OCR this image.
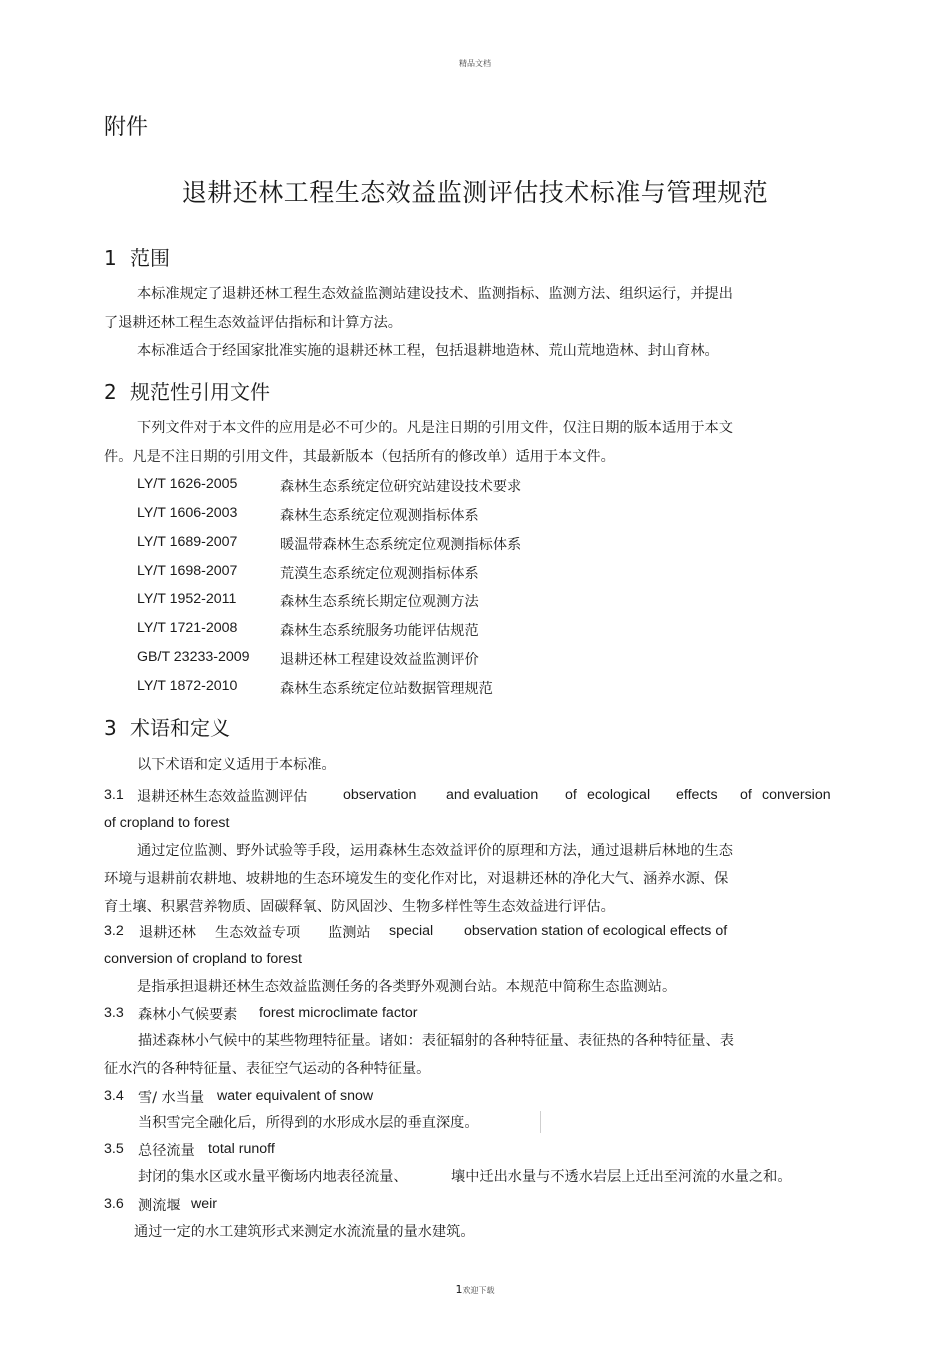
精品文档
附件
退耕还林工程生态效益监测评估技术标准与管理规范
1 范围
本标准规定了退耕还林工程生态效益监测站建设技术、监测指标、监测方法、组织运行，并提出
了退耕还林工程生态效益评估指标和计算方法。
本标准适合于经国家批准实施的退耕还林工程，包括退耕地造林、荒山荒地造林、封山育林。
2 规范性引用文件
下列文件对于本文件的应用是必不可少的。凡是注日期的引用文件，仅注日期的版本适用于本文
件。凡是不注日期的引用文件，其最新版本（包括所有的修改单）适用于本文件。
LY/T 1626-2005	森林生态系统定位研究站建设技术要求
LY/T 1606-2003	森林生态系统定位观测指标体系
LY/T 1689-2007	暖温带森林生态系统定位观测指标体系
LY/T 1698-2007	荒漠生态系统定位观测指标体系
LY/T 1952-2011	森林生态系统长期定位观测方法
LY/T 1721-2008	森林生态系统服务功能评估规范
GB/T 23233-2009 退耕还林工程建设效益监测评价
LY/T 1872-2010	森林生态系统定位站数据管理规范
3 术语和定义
以下术语和定义适用于本标准。
3.1 退耕还林生态效益监测评估	observation and evaluation of ecological effects of conversion
of cropland to forest
通过定位监测、野外试验等手段，运用森林生态效益评价的原理和方法，通过退耕后林地的生态
环境与退耕前农耕地、坡耕地的生态环境发生的变化作对比，对退耕还林的净化大气、涵养水源、保
育土壤、积累营养物质、固碳释氧、防风固沙、生物多样性等生态效益进行评估。
3.2 退耕还林 生态效益专项 监测站 special observation station of ecological effects of
conversion of cropland to forest
是指承担退耕还林生态效益监测任务的各类野外观测台站。本规范中简称生态监测站。
3.3 森林小气候要素 forest microclimate factor
描述森林小气候中的某些物理特征量。诸如：表征辐射的各种特征量、表征热的各种特征量、表
征水汽的各种特征量、表征空气运动的各种特征量。
3.4 雪/ 水当量 water equivalent of snow
当积雪完全融化后，所得到的水形成水层的垂直深度。
3.5 总径流量 total runoff
封闭的集水区或水量平衡场内地表径流量、	壤中迁出水量与不透水岩层上迁出至河流的水量之和。
3.6 测流堰 weir
通过一定的水工建筑形式来测定水流流量的量水建筑。
1欢迎下载
